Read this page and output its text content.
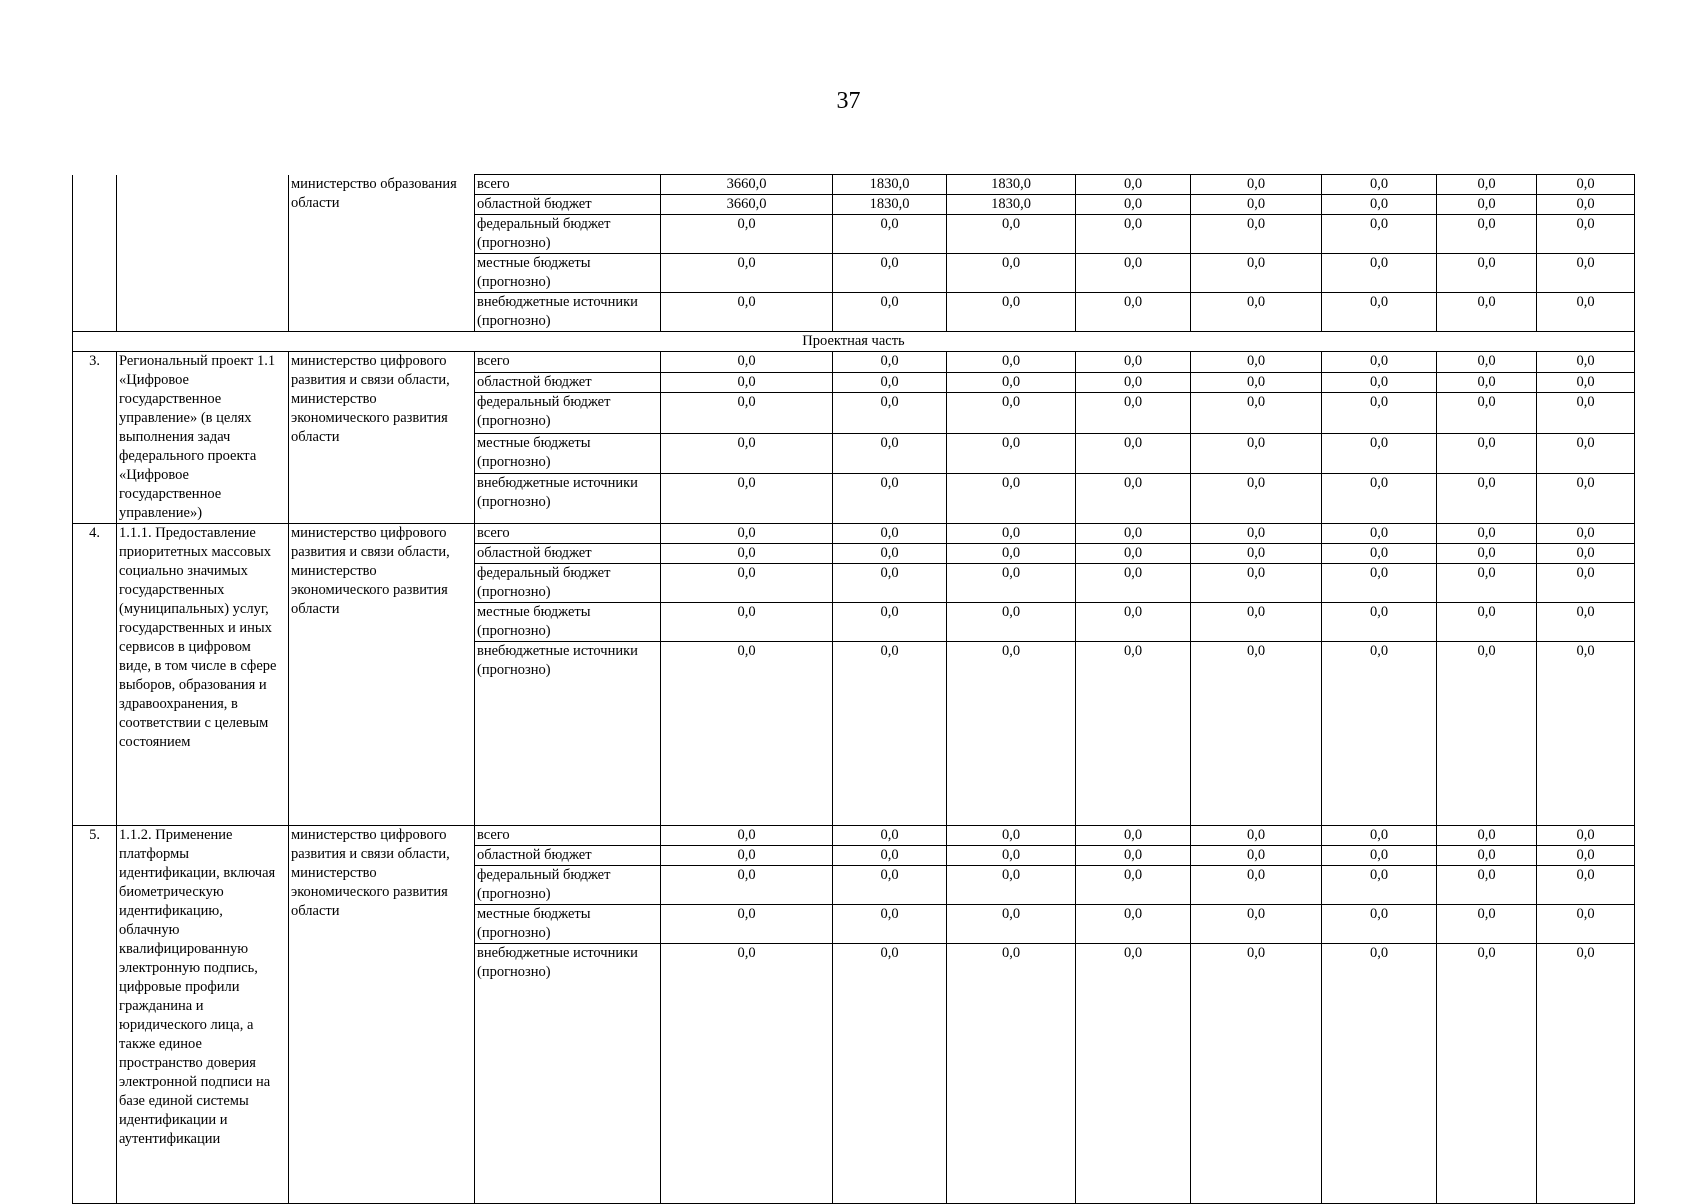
37
		министерство образования области	всего	3660,0	1830,0	1830,0	0,0	0,0	0,0	0,0	0,0
			областной бюджет	3660,0	1830,0	1830,0	0,0	0,0	0,0	0,0	0,0
			федеральный бюджет (прогнозно)	0,0	0,0	0,0	0,0	0,0	0,0	0,0	0,0
			местные бюджеты (прогнозно)	0,0	0,0	0,0	0,0	0,0	0,0	0,0	0,0
			внебюджетные источники (прогнозно)	0,0	0,0	0,0	0,0	0,0	0,0	0,0	0,0
Проектная часть											
3.	Региональный проект 1.1 «Цифровое государственное управление» (в целях выполнения задач федерального проекта «Цифровое государственное управление»)	министерство цифрового развития и связи области, министерство экономического развития области	всего	0,0	0,0	0,0	0,0	0,0	0,0	0,0	0,0
			областной бюджет	0,0	0,0	0,0	0,0	0,0	0,0	0,0	0,0
			федеральный бюджет (прогнозно)	0,0	0,0	0,0	0,0	0,0	0,0	0,0	0,0
			местные бюджеты (прогнозно)	0,0	0,0	0,0	0,0	0,0	0,0	0,0	0,0
			внебюджетные источники (прогнозно)	0,0	0,0	0,0	0,0	0,0	0,0	0,0	0,0
4.	1.1.1. Предоставление приоритетных массовых социально значимых государственных (муниципальных) услуг, государственных и иных сервисов в цифровом виде, в том числе в сфере выборов, образования и здравоохранения, в соответствии с целевым состоянием	министерство цифрового развития и связи области, министерство экономического развития области	всего	0,0	0,0	0,0	0,0	0,0	0,0	0,0	0,0
			областной бюджет	0,0	0,0	0,0	0,0	0,0	0,0	0,0	0,0
			федеральный бюджет (прогнозно)	0,0	0,0	0,0	0,0	0,0	0,0	0,0	0,0
			местные бюджеты (прогнозно)	0,0	0,0	0,0	0,0	0,0	0,0	0,0	0,0
			внебюджетные источники (прогнозно)	0,0	0,0	0,0	0,0	0,0	0,0	0,0	0,0
5.	1.1.2. Применение платформы идентификации, включая биометрическую идентификацию, облачную квалифицированную электронную подпись, цифровые профили гражданина и юридического лица, а также единое пространство доверия электронной подписи на базе единой системы идентификации и аутентификации	министерство цифрового развития и связи области, министерство экономического развития области	всего	0,0	0,0	0,0	0,0	0,0	0,0	0,0	0,0
			областной бюджет	0,0	0,0	0,0	0,0	0,0	0,0	0,0	0,0
			федеральный бюджет (прогнозно)	0,0	0,0	0,0	0,0	0,0	0,0	0,0	0,0
			местные бюджеты (прогнозно)	0,0	0,0	0,0	0,0	0,0	0,0	0,0	0,0
			внебюджетные источники (прогнозно)	0,0	0,0	0,0	0,0	0,0	0,0	0,0	0,0
